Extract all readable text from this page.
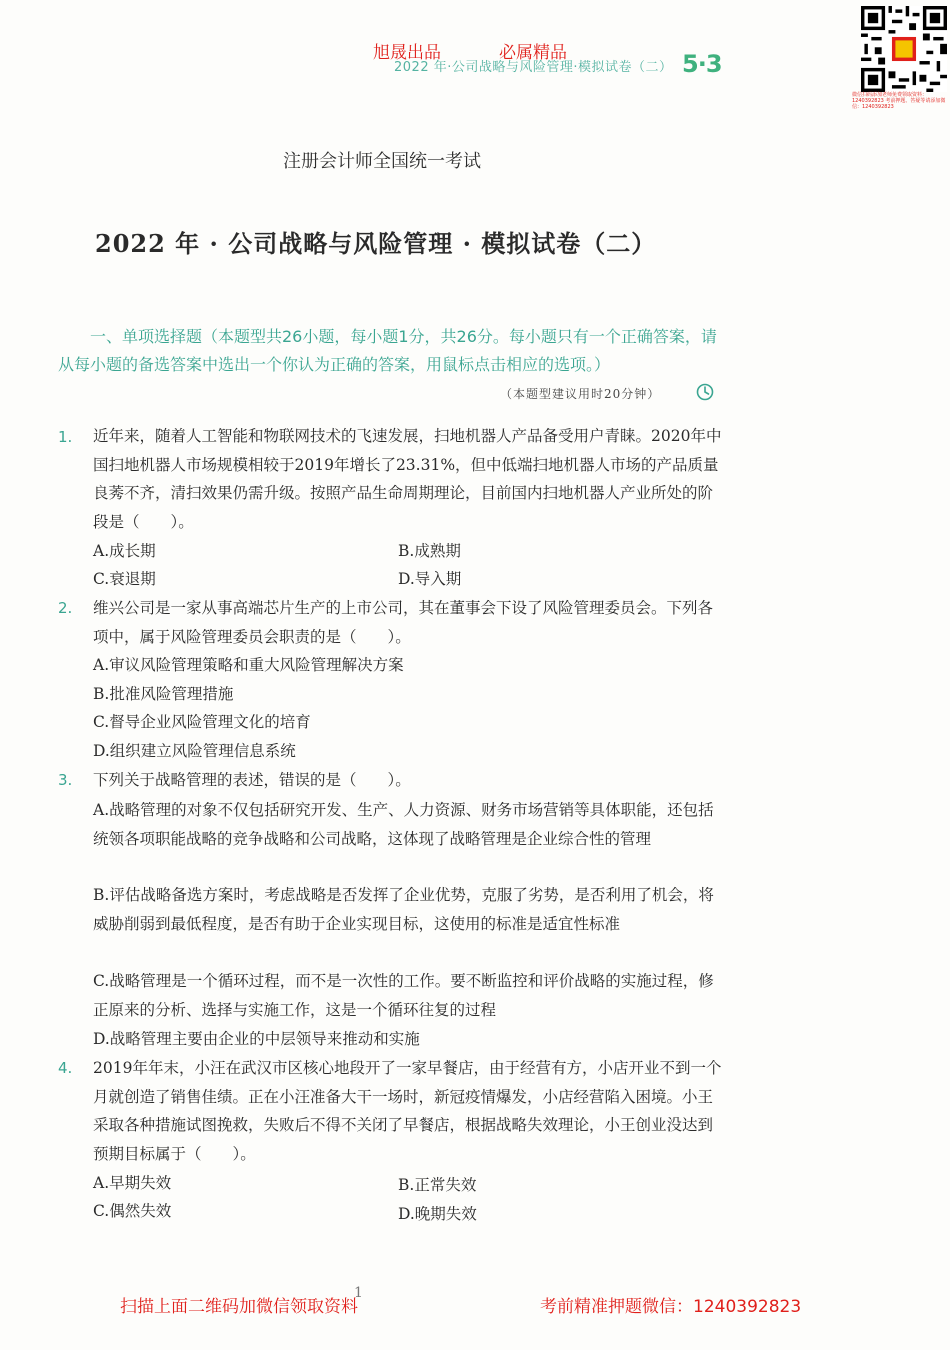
旭晟出品	必属精品
2022 年·公司战略与风险管理·模拟试卷（二） 5·3
微信扫码添加老师免费领取资料：1240392823 考前押题、答疑等请添加微信：1240392823
注册会计师全国统一考试
2022 年 · 公司战略与风险管理 · 模拟试卷（二）
一、单项选择题（本题型共26小题，每小题1分，共26分。每小题只有一个正确答案，请从每小题的备选答案中选出一个你认为正确的答案，用鼠标点击相应的选项。）
（本题型建议用时20分钟）
1. 近年来，随着人工智能和物联网技术的飞速发展，扫地机器人产品备受用户青睐。2020年中国扫地机器人市场规模相较于2019年增长了23.31%，但中低端扫地机器人市场的产品质量良莠不齐，清扫效果仍需升级。按照产品生命周期理论，目前国内扫地机器人产业所处的阶段是（　　）。

A.成长期	B.成熟期
C.衰退期	D.导入期
2. 维兴公司是一家从事高端芯片生产的上市公司，其在董事会下设了风险管理委员会。下列各项中，属于风险管理委员会职责的是（　　）。

A.审议风险管理策略和重大风险管理解决方案
B.批准风险管理措施
C.督导企业风险管理文化的培育
D.组织建立风险管理信息系统
3. 下列关于战略管理的表述，错误的是（　　）。

A.战略管理的对象不仅包括研究开发、生产、人力资源、财务市场营销等具体职能，还包括统领各项职能战略的竞争战略和公司战略，这体现了战略管理是企业综合性的管理

B.评估战略备选方案时，考虑战略是否发挥了企业优势，克服了劣势，是否利用了机会，将威胁削弱到最低程度，是否有助于企业实现目标，这使用的标准是适宜性标准

C.战略管理是一个循环过程，而不是一次性的工作。要不断监控和评价战略的实施过程，修正原来的分析、选择与实施工作，这是一个循环往复的过程

D.战略管理主要由企业的中层领导来推动和实施

4. 2019年年末，小汪在武汉市区核心地段开了一家早餐店，由于经营有方，小店开业不到一个月就创造了销售佳绩。正在小汪准备大干一场时，新冠疫情爆发，小店经营陷入困境。小王采取各种措施试图挽救，失败后不得不关闭了早餐店，根据战略失效理论，小王创业没达到预期目标属于（　　）。

A.早期失效	B.正常失效
C.偶然失效	D.晚期失效
1
扫描上面二维码加微信领取资料	考前精准押题微信：1240392823
